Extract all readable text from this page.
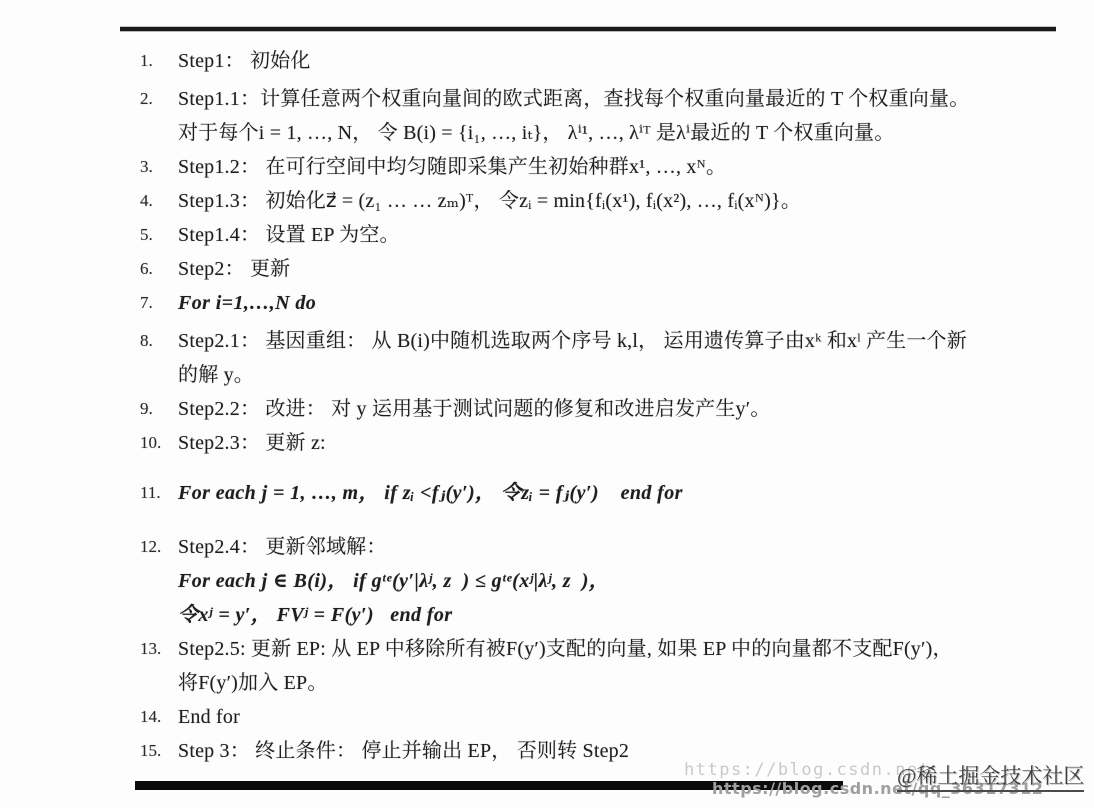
1.	Step1： 初始化
2.	Step1.1：计算任意两个权重向量间的欧式距离，查找每个权重向量最近的 T 个权重向量。
对于每个i = 1, …, N， 令 B(i) = {i₁, …, iₜ}， λⁱ¹, …, λⁱᵀ 是λⁱ最近的 T 个权重向量。
3.	Step1.2： 在可行空间中均匀随即采集产生初始种群x¹, …, xᴺ。
4.	Step1.3： 初始化z⃗ = (z₁ … … zₘ)ᵀ， 令zᵢ = min{fᵢ(x¹), fᵢ(x²), …, fᵢ(xᴺ)}。
5.	Step1.4： 设置 EP 为空。
6.	Step2： 更新
7.	For i=1,…,N do
8.	Step2.1： 基因重组： 从 B(i)中随机选取两个序号 k,l， 运用遗传算子由xᵏ 和xˡ 产生一个新
的解 y。
9.	Step2.2： 改进： 对 y 运用基于测试问题的修复和改进启发产生y′。
10. Step2.3： 更新 z:
11. For each j = 1, …, m， if zᵢ <fⱼ(y′)， 令zᵢ = fⱼ(y′)    end for
12. Step2.4： 更新邻域解：
For each j ∈ B(i)， if gᵗᵉ(y′|λʲ, z  ) ≤ gᵗᵉ(xʲ|λʲ, z  )，
令xʲ = y′， FVʲ = F(y′)   end for
13. Step2.5: 更新 EP: 从 EP 中移除所有被F(y′)支配的向量, 如果 EP 中的向量都不支配F(y′)，
将F(y′)加入 EP。
14. End for
15. Step 3： 终止条件： 停止并输出 EP， 否则转 Step2
https://blog.csdn.net
@稀土掘金技术社区
https://blog.csdn.net/qq_36317312
